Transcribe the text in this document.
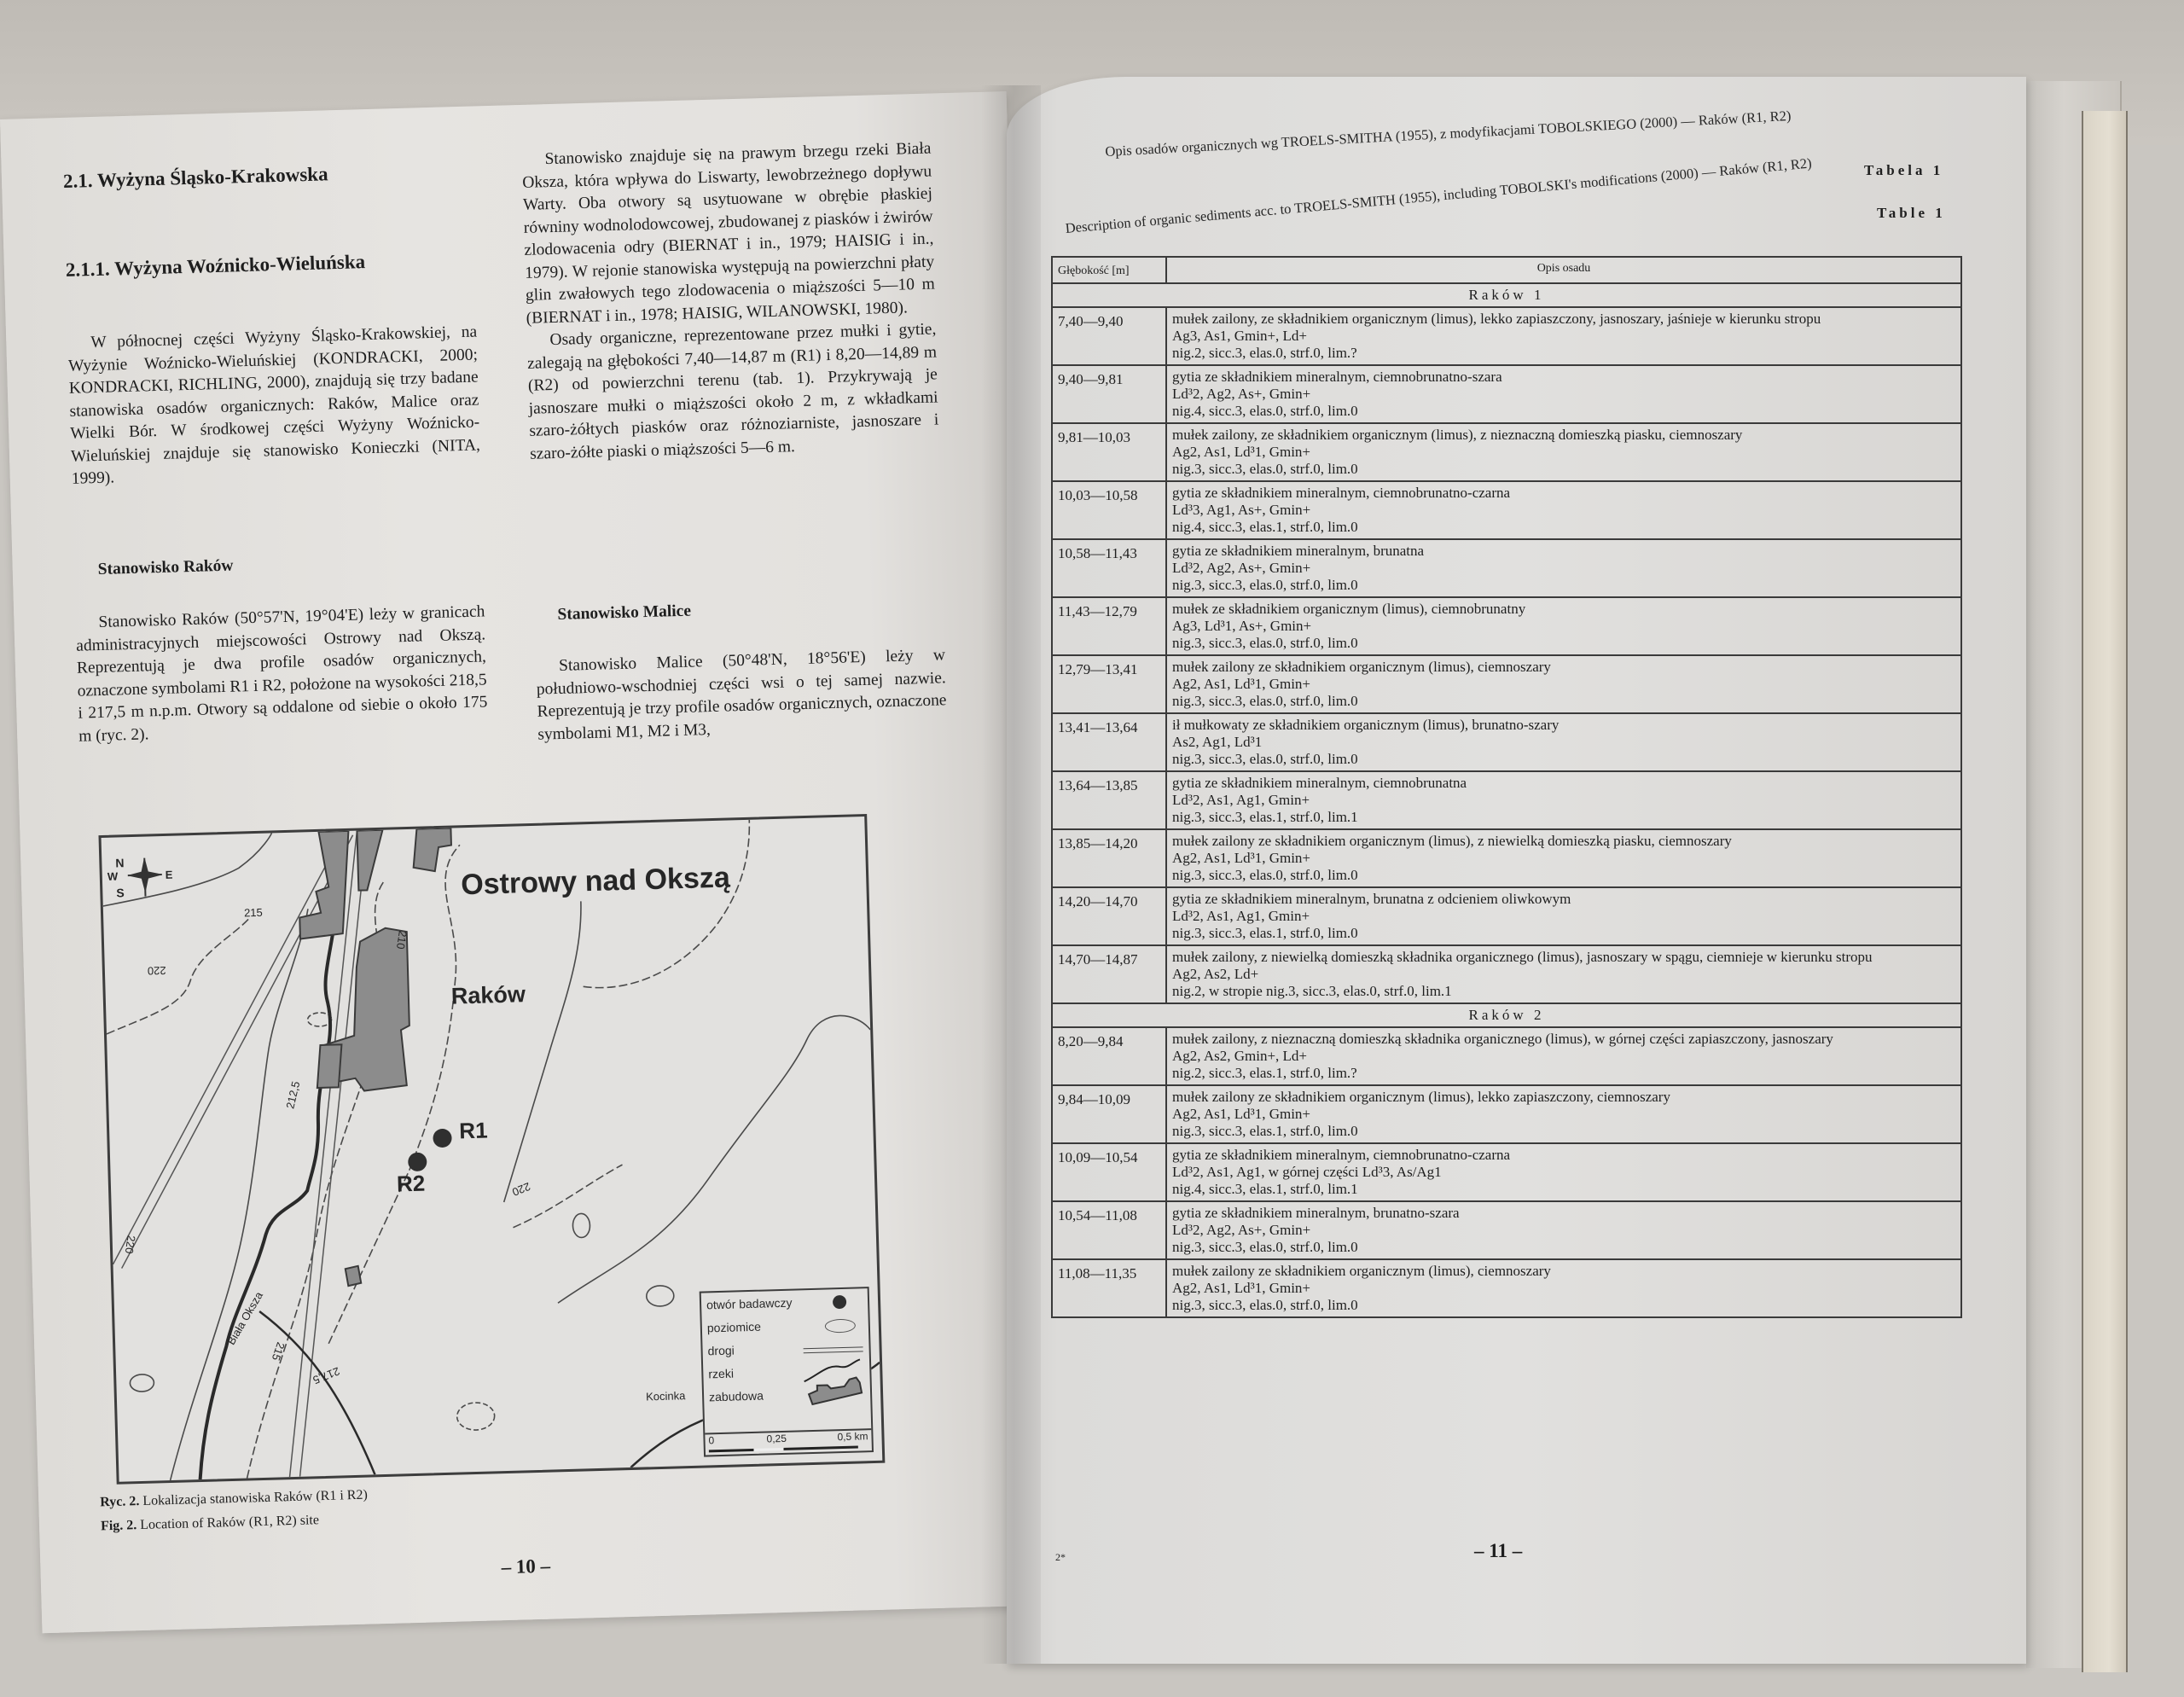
2.1. Wyżyna Śląsko-Krakowska
2.1.1. Wyżyna Woźnicko-Wieluńska

W północnej części Wyżyny Śląsko-Krakowskiej, na Wyżynie Woźnicko-Wieluńskiej (KONDRACKI, 2000; KONDRACKI, RICHLING, 2000), znajdują się trzy badane stanowiska osadów organicznych: Raków, Malice oraz Wielki Bór. W środkowej części Wyżyny Woźnicko-Wieluńskiej znajduje się stanowisko Konieczki (NITA, 1999).

Stanowisko Raków

Stanowisko Raków (50°57'N, 19°04'E) leży w granicach administracyjnych miejscowości Ostrowy nad Okszą. Reprezentują je dwa profile osadów organicznych, oznaczone symbolami R1 i R2, położone na wysokości 218,5 i 217,5 m n.p.m. Otwory są oddalone od siebie o około 175 m (ryc. 2).

Stanowisko znajduje się na prawym brzegu rzeki Biała Oksza, która wpływa do Liswarty, lewobrzeżnego dopływu Warty. Oba otwory są usytuowane w obrębie płaskiej równiny wodnolodowcowej, zbudowanej z piasków i żwirów zlodowacenia odry (BIERNAT i in., 1979; HAISIG i in., 1979). W rejonie stanowiska występują na powierzchni płaty glin zwałowych tego zlodowacenia o miąższości 5—10 m (BIERNAT i in., 1978; HAISIG, WILANOWSKI, 1980).

Osady organiczne, reprezentowane przez mułki i gytie, zalegają na głębokości 7,40—14,87 m (R1) i 8,20—14,89 m (R2) od powierzchni terenu (tab. 1). Przykrywają je jasnoszare mułki o miąższości około 2 m, z wkładkami szaro-żółtych piasków oraz różnoziarniste, jasnoszare i szaro-żółte piaski o miąższości 5—6 m.

Stanowisko Malice

Stanowisko Malice (50°48'N, 18°56'E) leży w południowo-wschodniej części wsi o tej samej nazwie. Reprezentują je trzy profile osadów organicznych, oznaczone symbolami M1, M2 i M3,

N
S
W	E	Ostrowy nad Okszą
Raków
R1
R2
Biała Oksza
Kocinka
215
220
210
212,5
215
217,5
220
220
otwór badawczy
poziomice
drogi
rzeki
zabudowa
0	0,25	0,5 km
Ryc. 2. Lokalizacja stanowiska Raków (R1 i R2)
Fig. 2. Location of Raków (R1, R2) site
– 10 –
Opis osadów organicznych wg TROELS-SMITHA (1955), z modyfikacjami TOBOLSKIEGO (2000) — Raków (R1, R2)
Tabela 1
Description of organic sediments acc. to TROELS-SMITH (1955), including TOBOLSKI's modifications (2000) — Raków (R1, R2)	Table 1
Głębokość [m]	Opis osadu
Raków 1	
7,40—9,40	mułek zailony, ze składnikiem organicznym (limus), lekko zapiaszczony, jasnoszary, jaśnieje w kierunku stropu
Ag3, As1, Gmin+, Ld+
nig.2, sicc.3, elas.0, strf.0, lim.?

9,40—9,81	gytia ze składnikiem mineralnym, ciemnobrunatno-szara
Ld³2, Ag2, As+, Gmin+
nig.4, sicc.3, elas.0, strf.0, lim.0

9,81—10,03	mułek zailony, ze składnikiem organicznym (limus), z nieznaczną domieszką piasku, ciemnoszary
Ag2, As1, Ld³1, Gmin+
nig.3, sicc.3, elas.0, strf.0, lim.0

10,03—10,58	gytia ze składnikiem mineralnym, ciemnobrunatno-czarna
Ld³3, Ag1, As+, Gmin+
nig.4, sicc.3, elas.1, strf.0, lim.0

10,58—11,43	gytia ze składnikiem mineralnym, brunatna
Ld³2, Ag2, As+, Gmin+
nig.3, sicc.3, elas.0, strf.0, lim.0

11,43—12,79	mułek ze składnikiem organicznym (limus), ciemnobrunatny
Ag3, Ld³1, As+, Gmin+
nig.3, sicc.3, elas.0, strf.0, lim.0

12,79—13,41	mułek zailony ze składnikiem organicznym (limus), ciemnoszary
Ag2, As1, Ld³1, Gmin+
nig.3, sicc.3, elas.0, strf.0, lim.0

13,41—13,64	ił mułkowaty ze składnikiem organicznym (limus), brunatno-szary
As2, Ag1, Ld³1
nig.3, sicc.3, elas.0, strf.0, lim.0

13,64—13,85	gytia ze składnikiem mineralnym, ciemnobrunatna
Ld³2, As1, Ag1, Gmin+
nig.3, sicc.3, elas.1, strf.0, lim.1

13,85—14,20	mułek zailony ze składnikiem organicznym (limus), z niewielką domieszką piasku, ciemnoszary
Ag2, As1, Ld³1, Gmin+
nig.3, sicc.3, elas.0, strf.0, lim.0

14,20—14,70	gytia ze składnikiem mineralnym, brunatna z odcieniem oliwkowym
Ld³2, As1, Ag1, Gmin+
nig.3, sicc.3, elas.1, strf.0, lim.0

14,70—14,87	mułek zailony, z niewielką domieszką składnika organicznego (limus), jasnoszary w spągu, ciemnieje w kierunku stropu
Ag2, As2, Ld+
nig.2, w stropie nig.3, sicc.3, elas.0, strf.0, lim.1

Raków 2	
8,20—9,84	mułek zailony, z nieznaczną domieszką składnika organicznego (limus), w górnej części zapiaszczony, jasnoszary
Ag2, As2, Gmin+, Ld+
nig.2, sicc.3, elas.1, strf.0, lim.?

9,84—10,09	mułek zailony ze składnikiem organicznym (limus), lekko zapiaszczony, ciemnoszary
Ag2, As1, Ld³1, Gmin+
nig.3, sicc.3, elas.1, strf.0, lim.0

10,09—10,54	gytia ze składnikiem mineralnym, ciemnobrunatno-czarna
Ld³2, As1, Ag1, w górnej części Ld³3, As/Ag1
nig.4, sicc.3, elas.1, strf.0, lim.1

10,54—11,08	gytia ze składnikiem mineralnym, brunatno-szara
Ld³2, Ag2, As+, Gmin+
nig.3, sicc.3, elas.0, strf.0, lim.0

11,08—11,35	mułek zailony ze składnikiem organicznym (limus), ciemnoszary
Ag2, As1, Ld³1, Gmin+
nig.3, sicc.3, elas.0, strf.0, lim.0
2*	– 11 –
